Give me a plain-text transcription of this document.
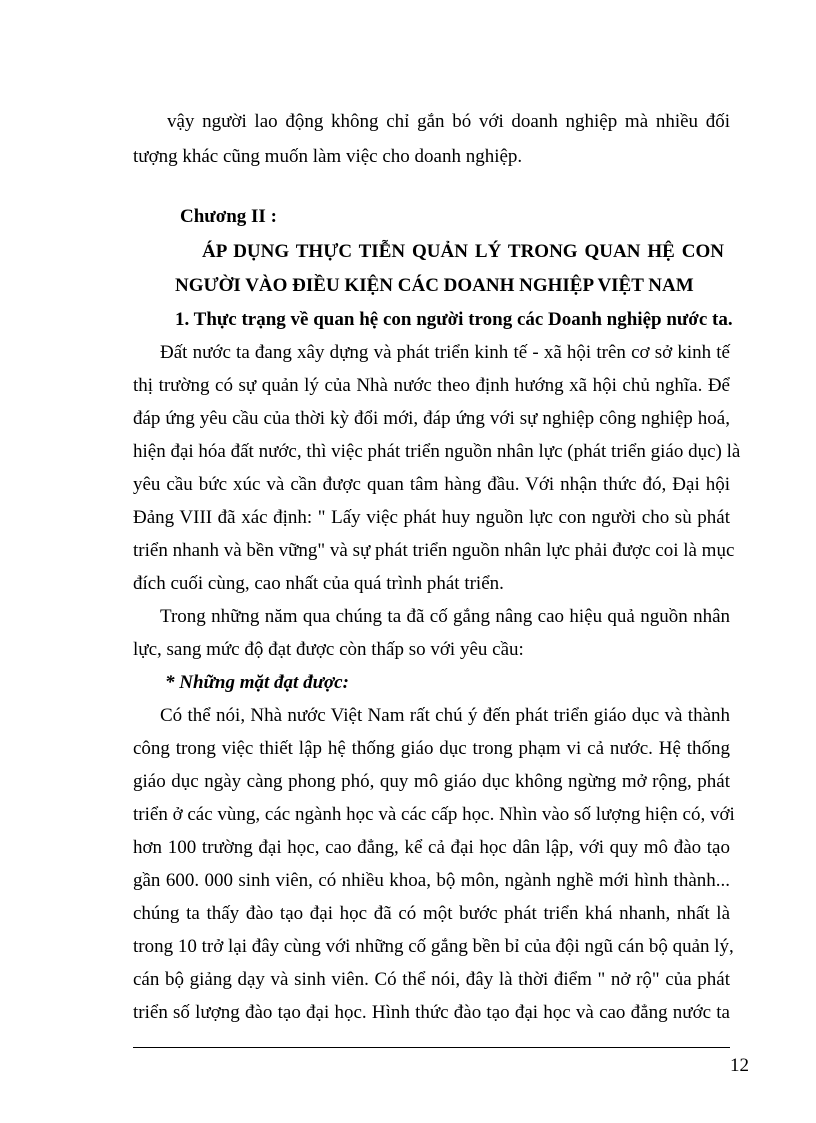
vậy người lao động không chỉ gắn bó với doanh nghiệp mà nhiều đối
tượng khác cũng muốn làm việc cho doanh nghiệp.
Chương II :
ÁP DỤNG THỰC TIỄN QUẢN LÝ TRONG QUAN HỆ CON
NGƯỜI VÀO ĐIỀU KIỆN CÁC DOANH NGHIỆP VIỆT NAM
1. Thực trạng về quan hệ con người trong các Doanh nghiệp nước ta.
Đất nước ta đang xây dựng và phát triển kinh tế - xã hội trên cơ sở kinh tế
thị trường có sự quản lý của Nhà nước theo định hướng xã hội chủ nghĩa. Để
đáp ứng yêu cầu của thời kỳ đổi mới, đáp ứng với sự nghiệp công nghiệp hoá,
hiện đại hóa đất nước, thì việc phát triển nguồn nhân lực (phát triển giáo dục) là
yêu cầu bức xúc và cần được quan tâm hàng đầu. Với nhận thức đó, Đại hội
Đảng VIII đã xác định: " Lấy việc phát huy nguồn lực con người cho sù phát
triển nhanh và bền vững" và sự phát triển nguồn nhân lực phải được coi là mục
đích cuối cùng, cao nhất của quá trình phát triển.
Trong những năm qua chúng ta đã cố gắng nâng cao hiệu quả nguồn nhân
lực, sang mức độ đạt được còn thấp so với yêu cầu:
* Những mặt đạt được:
Có thể nói, Nhà nước Việt Nam rất chú ý đến phát triển giáo dục và thành
công trong việc thiết lập hệ thống giáo dục trong phạm vi cả nước. Hệ thống
giáo dục ngày càng phong phó, quy mô giáo dục không ngừng mở rộng, phát
triển ở các vùng, các ngành học và các cấp học. Nhìn vào số lượng hiện có, với
hơn 100 trường đại học, cao đẳng, kể cả đại học dân lập, với quy mô đào tạo
gần 600. 000 sinh viên, có nhiều khoa, bộ môn, ngành nghề mới hình thành...
chúng ta thấy đào tạo đại học đã có một bước phát triển khá nhanh, nhất là
trong 10 trở lại đây cùng với những cố gắng bền bỉ của đội ngũ cán bộ quản lý,
cán bộ giảng dạy và sinh viên. Có thể nói, đây là thời điểm " nở rộ" của phát
triển số lượng đào tạo đại học. Hình thức đào tạo đại học và cao đẳng nước ta
12
